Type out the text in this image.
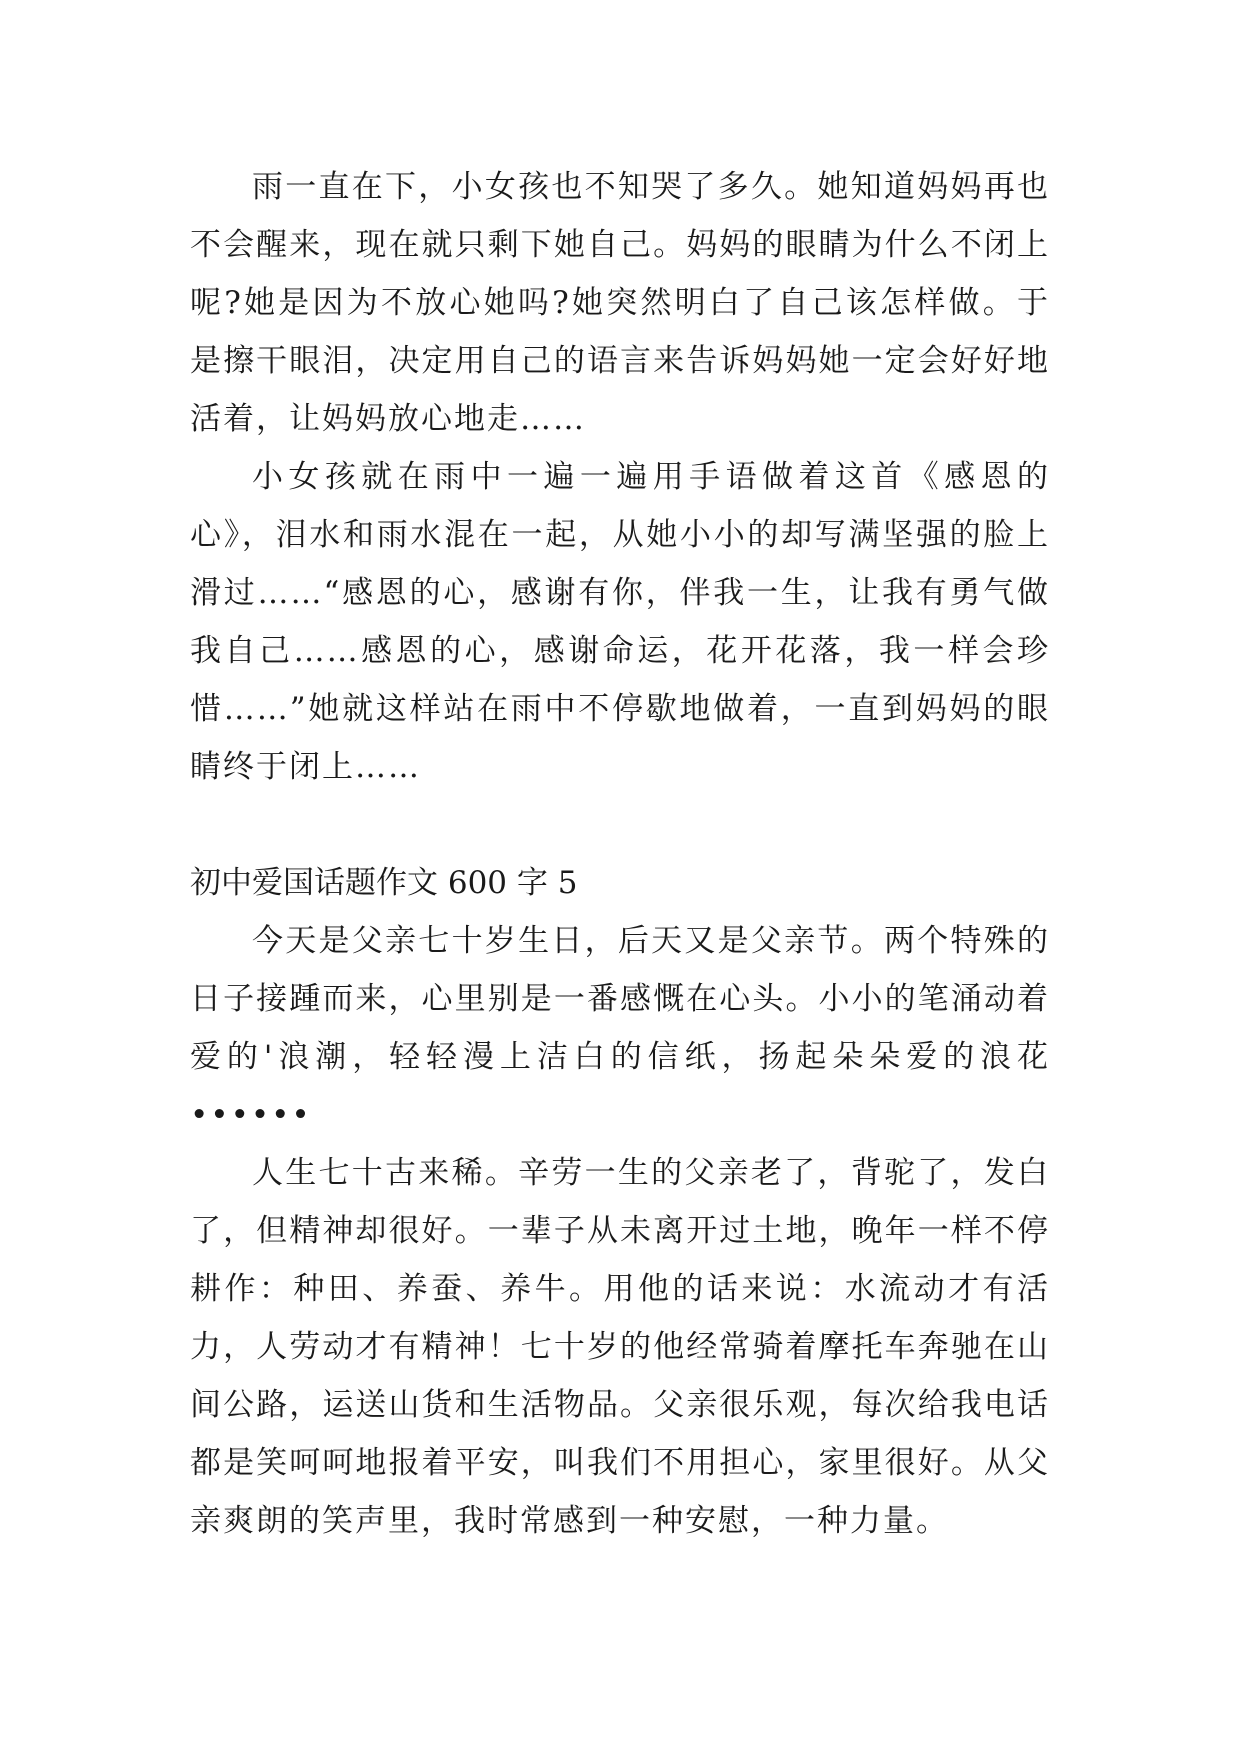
雨一直在下，小女孩也不知哭了多久。她知道妈妈再也不会醒来，现在就只剩下她自己。妈妈的眼睛为什么不闭上呢?她是因为不放心她吗?她突然明白了自己该怎样做。于是擦干眼泪，决定用自己的语言来告诉妈妈她一定会好好地活着，让妈妈放心地走……

小女孩就在雨中一遍一遍用手语做着这首《感恩的心》，泪水和雨水混在一起，从她小小的却写满坚强的脸上滑过……“感恩的心，感谢有你，伴我一生，让我有勇气做我自己……感恩的心，感谢命运，花开花落，我一样会珍惜……”她就这样站在雨中不停歇地做着，一直到妈妈的眼睛终于闭上……

初中爱国话题作文 600 字 5

今天是父亲七十岁生日，后天又是父亲节。两个特殊的日子接踵而来，心里别是一番感慨在心头。小小的笔涌动着爱的'浪潮，轻轻漫上洁白的信纸，扬起朵朵爱的浪花••••••

人生七十古来稀。辛劳一生的父亲老了，背驼了，发白了，但精神却很好。一辈子从未离开过土地，晚年一样不停耕作：种田、养蚕、养牛。用他的话来说：水流动才有活力，人劳动才有精神！七十岁的他经常骑着摩托车奔驰在山间公路，运送山货和生活物品。父亲很乐观，每次给我电话都是笑呵呵地报着平安，叫我们不用担心，家里很好。从父亲爽朗的笑声里，我时常感到一种安慰，一种力量。
